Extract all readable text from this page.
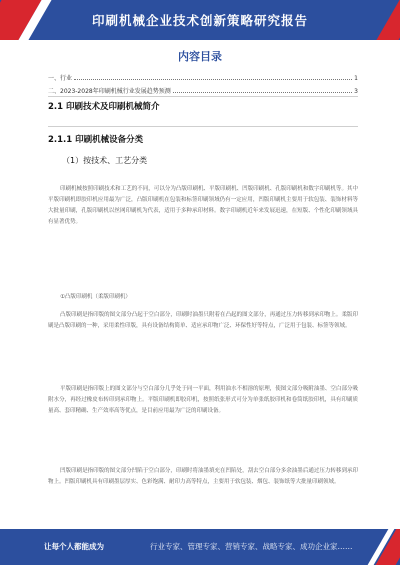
印刷机械企业技术创新策略研究报告
内容目录
一、行业	1
二、2023-2028年印刷机械行业发展趋势预测	3
2.1 印刷技术及印刷机械简介
2.1.1 印刷机械设备分类
（1）按技术、工艺分类
印刷机械按照印刷技术和工艺的不同，可以分为凸版印刷机、平版印刷机、凹版印刷机、孔版印刷机和数字印刷机等。其中平版印刷机即胶印机应用最为广泛，凸版印刷机在包装和标签印刷领域仍有一定应用，凹版印刷机主要用于软包装、装饰材料等大批量印刷，孔版印刷机以丝网印刷机为代表，适用于多种承印材料。数字印刷机近年来发展迅速，在短版、个性化印刷领域具有显著优势。
①凸版印刷机（柔版印刷机）
凸版印刷是指印版的图文部分凸起于空白部分，印刷时油墨只附着在凸起的图文部分，再通过压力转移到承印物上。柔版印刷是凸版印刷的一种，采用柔性印版，具有设备结构简单、适应承印物广泛、环保性好等特点，广泛用于包装、标签等领域。
平版印刷是指印版上的图文部分与空白部分几乎处于同一平面，利用油水不相溶的原理，使图文部分吸附油墨、空白部分吸附水分，再经过橡皮布转印到承印物上。平版印刷机即胶印机，按照纸张形式可分为单张纸胶印机和卷筒纸胶印机，具有印刷质量高、套印精确、生产效率高等优点，是目前应用最为广泛的印刷设备。
凹版印刷是指印版的图文部分凹陷于空白部分，印刷时将油墨填充在凹陷处，刮去空白部分多余油墨后通过压力转移到承印物上。凹版印刷机具有印刷墨层厚实、色彩饱满、耐印力高等特点，主要用于软包装、烟包、装饰纸等大批量印刷领域。
让每个人都能成为	行业专家、管理专家、营销专家、战略专家、成功企业家……
